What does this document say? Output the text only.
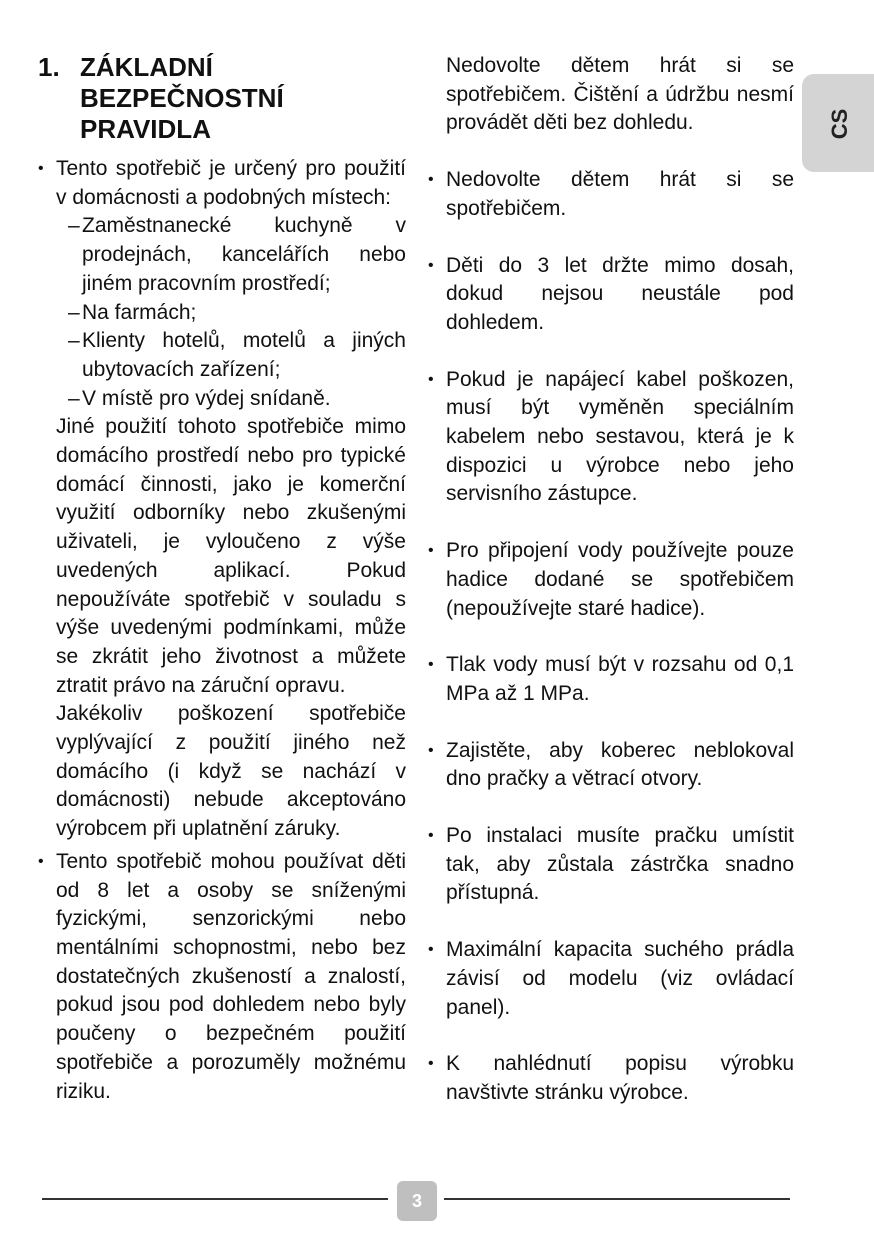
1. ZÁKLADNÍ
BEZPEČNOSTNÍ
PRAVIDLA
• Tento spotřebič je určený pro použití v domácnosti a podobných místech:

– Zaměstnanecké kuchyně v prodejnách, kancelářích nebo jiném pracovním prostředí;

– Na farmách;

– Klienty hotelů, motelů a jiných ubytovacích zařízení;

– V místě pro výdej snídaně.

Jiné použití tohoto spotřebiče mimo domácího prostředí nebo pro typické domácí činnosti, jako je komerční využití odborníky nebo zkušenými uživateli, je vyloučeno z výše uvedených aplikací. Pokud nepoužíváte spotřebič v souladu s výše uvedenými podmínkami, může se zkrátit jeho životnost a můžete ztratit právo na záruční opravu.

Jakékoliv poškození spotřebiče vyplývající z použití jiného než domácího (i když se nachází v domácnosti) nebude akceptováno výrobcem při uplatnění záruky.

• Tento spotřebič mohou používat děti od 8 let a osoby se sníženými fyzickými, senzorickými nebo mentálními schopnostmi, nebo bez dostatečných zkušeností a znalostí, pokud jsou pod dohledem nebo byly poučeny o bezpečném použití spotřebiče a porozuměly možnému riziku.

Nedovolte dětem hrát si se spotřebičem. Čištění a údržbu nesmí provádět děti bez dohledu.

• Nedovolte dětem hrát si se spotřebičem.

• Děti do 3 let držte mimo dosah, dokud nejsou neustále pod dohledem.

• Pokud je napájecí kabel poškozen, musí být vyměněn speciálním kabelem nebo sestavou, která je k dispozici u výrobce nebo jeho servisního zástupce.

• Pro připojení vody používejte pouze hadice dodané se spotřebičem (nepoužívejte staré hadice).

• Tlak vody musí být v rozsahu od 0,1 MPa až 1 MPa.

• Zajistěte, aby koberec neblokoval dno pračky a větrací otvory.

• Po instalaci musíte pračku umístit tak, aby zůstala zástrčka snadno přístupná.

• Maximální kapacita suchého prádla závisí od modelu (viz ovládací panel).

• K nahlédnutí popisu výrobku navštivte stránku výrobce.

CS
3
